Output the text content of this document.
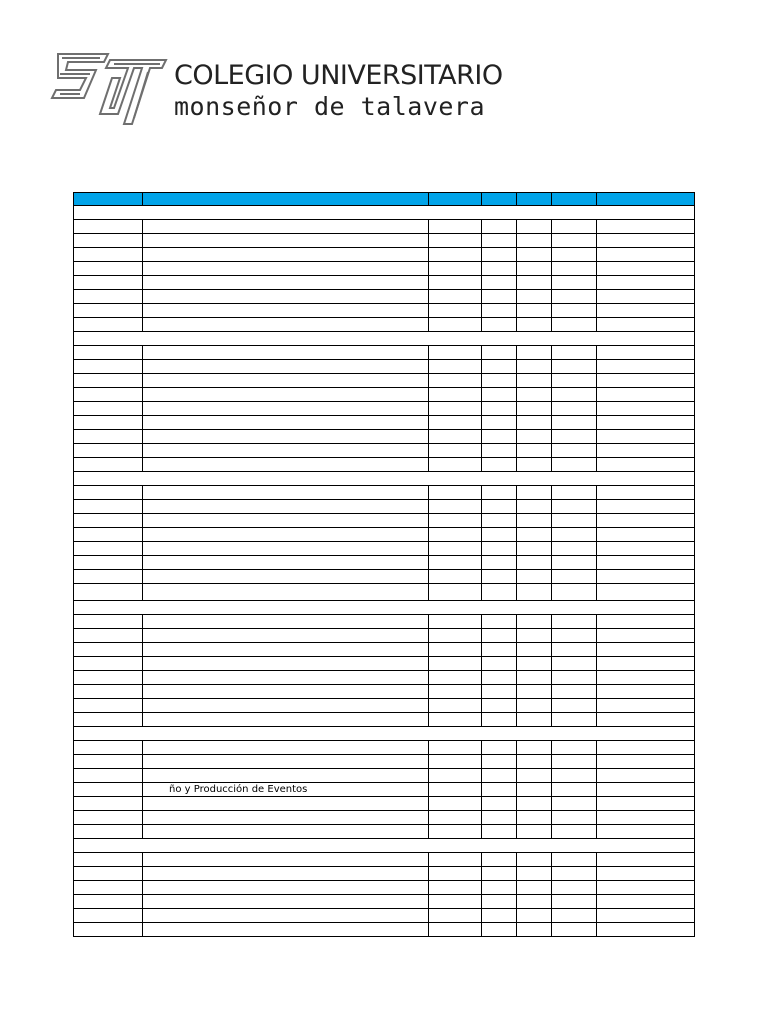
COLEGIO UNIVERSITARIO
monseñor de talavera

	ño y Producción de Eventos					
